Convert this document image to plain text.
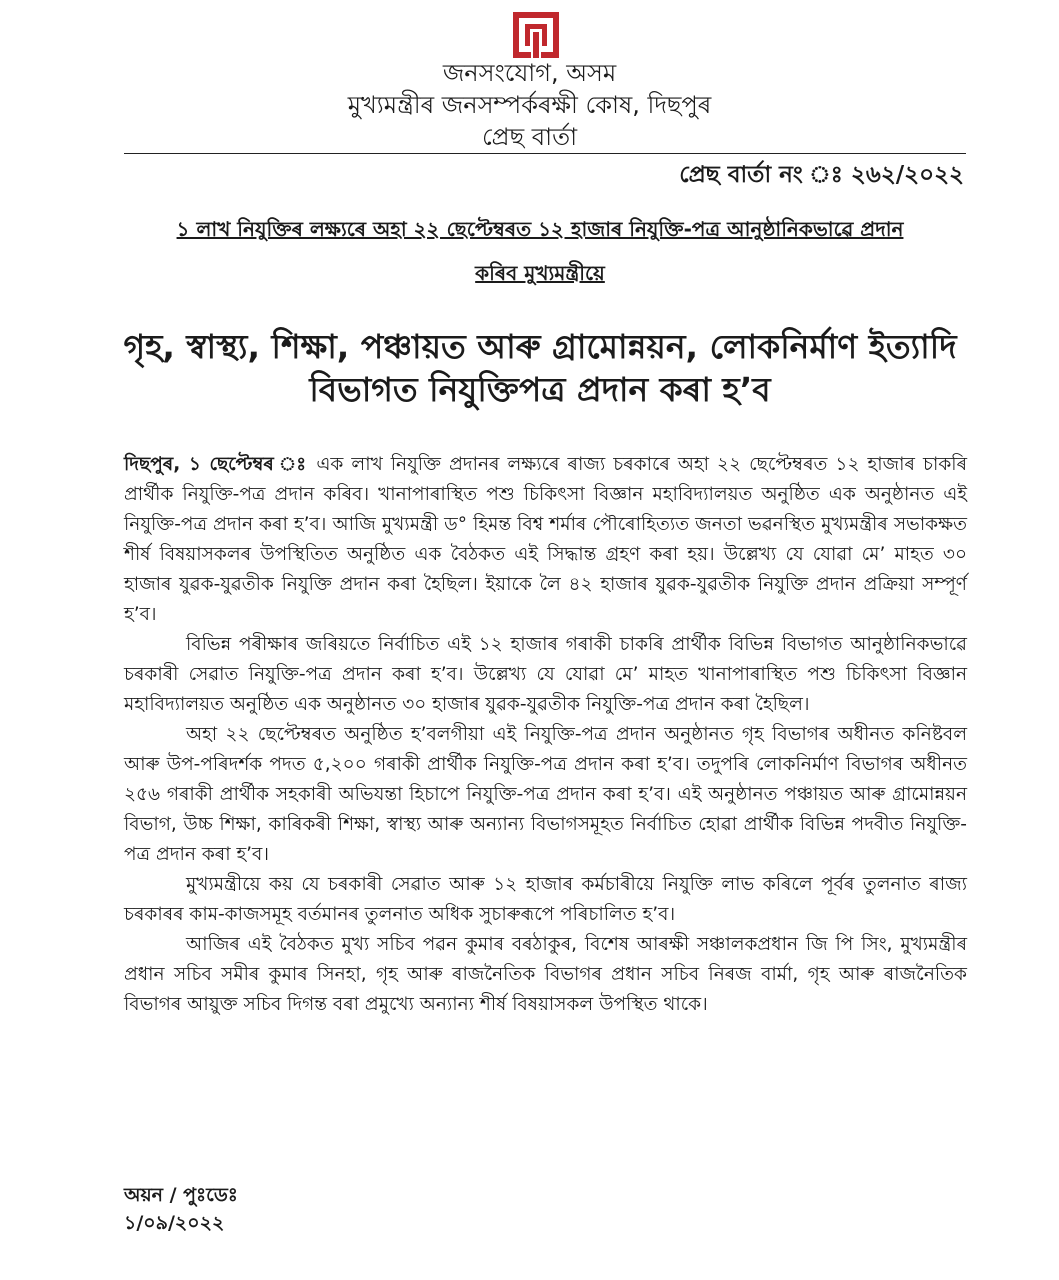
জনসংযোগ, অসম
মুখ্যমন্ত্ৰীৰ জনসম্পৰ্কৰক্ষী কোষ, দিছপুৰ
প্ৰেছ বাৰ্তা
প্ৰেছ বাৰ্তা নং ঃ ২৬২/২০২২
১ লাখ নিযুক্তিৰ লক্ষ্যৰে অহা ২২ ছেপ্টেম্বৰত ১২ হাজাৰ নিযুক্তি-পত্ৰ আনুষ্ঠানিকভাৱে প্ৰদান
কৰিব মুখ্যমন্ত্ৰীয়ে
গৃহ, স্বাস্থ্য, শিক্ষা, পঞ্চায়ত আৰু গ্ৰামোন্নয়ন, লোকনিৰ্মাণ ইত্যাদি
বিভাগত নিযুক্তিপত্ৰ প্ৰদান কৰা হ’ব

দিছপুৰ, ১ ছেপ্টেম্বৰ ঃ এক লাখ নিযুক্তি প্ৰদানৰ লক্ষ্যৰে ৰাজ্য চৰকাৰে অহা ২২ ছেপ্টেম্বৰত ১২ হাজাৰ চাকৰি প্ৰাৰ্থীক নিযুক্তি-পত্ৰ প্ৰদান কৰিব। খানাপাৰাস্থিত পশু চিকিৎসা বিজ্ঞান মহাবিদ্যালয়ত অনুষ্ঠিত এক অনুষ্ঠানত এই নিযুক্তি-পত্ৰ প্ৰদান কৰা হ’ব। আজি মুখ্যমন্ত্ৰী ড° হিমন্ত বিশ্ব শৰ্মাৰ পৌৰোহিত্যত জনতা ভৱনস্থিত মুখ্যমন্ত্ৰীৰ সভাকক্ষত শীৰ্ষ বিষয়াসকলৰ উপস্থিতিত অনুষ্ঠিত এক বৈঠকত এই সিদ্ধান্ত গ্ৰহণ কৰা হয়। উল্লেখ্য যে যোৱা মে’ মাহত ৩০ হাজাৰ যুৱক-যুৱতীক নিযুক্তি প্ৰদান কৰা হৈছিল। ইয়াকে লৈ ৪২ হাজাৰ যুৱক-যুৱতীক নিযুক্তি প্ৰদান প্ৰক্ৰিয়া সম্পূৰ্ণ হ’ব।

বিভিন্ন পৰীক্ষাৰ জৰিয়তে নিৰ্বাচিত এই ১২ হাজাৰ গৰাকী চাকৰি প্ৰাৰ্থীক বিভিন্ন বিভাগত আনুষ্ঠানিকভাৱে চৰকাৰী সেৱাত নিযুক্তি-পত্ৰ প্ৰদান কৰা হ’ব। উল্লেখ্য যে যোৱা মে’ মাহত খানাপাৰাস্থিত পশু চিকিৎসা বিজ্ঞান মহাবিদ্যালয়ত অনুষ্ঠিত এক অনুষ্ঠানত ৩০ হাজাৰ যুৱক-যুৱতীক নিযুক্তি-পত্ৰ প্ৰদান কৰা হৈছিল।

অহা ২২ ছেপ্টেম্বৰত অনুষ্ঠিত হ’বলগীয়া এই নিযুক্তি-পত্ৰ প্ৰদান অনুষ্ঠানত গৃহ বিভাগৰ অধীনত কনিষ্টবল আৰু উপ-পৰিদৰ্শক পদত ৫,২০০ গৰাকী প্ৰাৰ্থীক নিযুক্তি-পত্ৰ প্ৰদান কৰা হ’ব। তদুপৰি লোকনিৰ্মাণ বিভাগৰ অধীনত ২৫৬ গৰাকী প্ৰাৰ্থীক সহকাৰী অভিযন্তা হিচাপে নিযুক্তি-পত্ৰ প্ৰদান কৰা হ’ব। এই অনুষ্ঠানত পঞ্চায়ত আৰু গ্ৰামোন্নয়ন বিভাগ, উচ্চ শিক্ষা, কাৰিকৰী শিক্ষা, স্বাস্থ্য আৰু অন্যান্য বিভাগসমূহত নিৰ্বাচিত হোৱা প্ৰাৰ্থীক বিভিন্ন পদবীত নিযুক্তি-পত্ৰ প্ৰদান কৰা হ’ব।

মুখ্যমন্ত্ৰীয়ে কয় যে চৰকাৰী সেৱাত আৰু ১২ হাজাৰ কৰ্মচাৰীয়ে নিযুক্তি লাভ কৰিলে পূৰ্বৰ তুলনাত ৰাজ্য চৰকাৰৰ কাম-কাজসমূহ বৰ্তমানৰ তুলনাত অধিক সুচাৰুৰূপে পৰিচালিত হ’ব।

আজিৰ এই বৈঠকত মুখ্য সচিব পৱন কুমাৰ বৰঠাকুৰ, বিশেষ আৰক্ষী সঞ্চালকপ্ৰধান জি পি সিং, মুখ্যমন্ত্ৰীৰ প্ৰধান সচিব সমীৰ কুমাৰ সিনহা, গৃহ আৰু ৰাজনৈতিক বিভাগৰ প্ৰধান সচিব নিৰজ বাৰ্মা, গৃহ আৰু ৰাজনৈতিক বিভাগৰ আয়ুক্ত সচিব দিগন্ত বৰা প্ৰমুখ্যে অন্যান্য শীৰ্ষ বিষয়াসকল উপস্থিত থাকে।

অয়ন / পুঃডেঃ
১/০৯/২০২২
